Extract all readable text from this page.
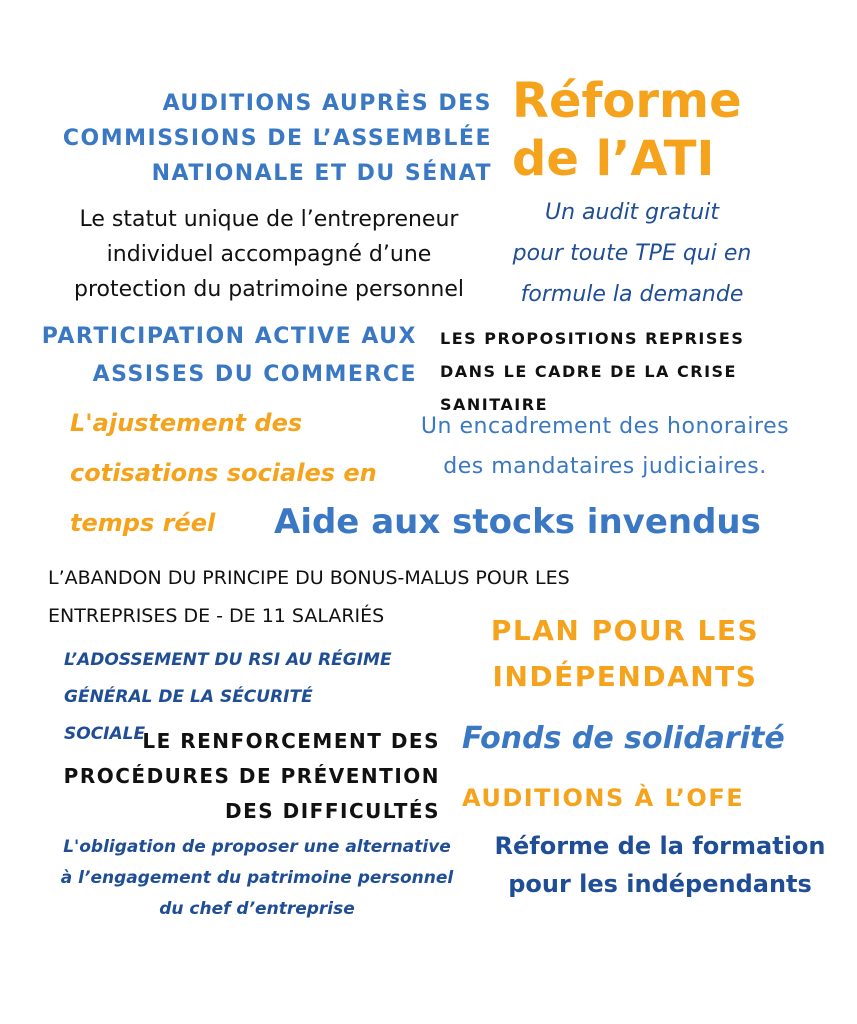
AUDITIONS AUPRÈS DES
COMMISSIONS DE L’ASSEMBLÉE
NATIONALE ET DU SÉNAT
Réforme
de l’ATI
Le statut unique de l’entrepreneur
individuel accompagné d’une
protection du patrimoine personnel
Un audit gratuit
pour toute TPE qui en
formule la demande
PARTICIPATION ACTIVE AUX
ASSISES DU COMMERCE
LES PROPOSITIONS REPRISES
DANS LE CADRE DE LA CRISE
SANITAIRE
L'ajustement des
cotisations sociales en
temps réel
Un encadrement des honoraires
des mandataires judiciaires.
Aide aux stocks invendus
L’ABANDON DU PRINCIPE DU BONUS-MALUS POUR LES
ENTREPRISES DE - DE 11 SALARIÉS	PLAN POUR LES
INDÉPENDANTS
L’ADOSSEMENT DU RSI AU RÉGIME
GÉNÉRAL DE LA SÉCURITÉ
SOCIALE
LE RENFORCEMENT DES
PROCÉDURES DE PRÉVENTION
DES DIFFICULTÉS
Fonds de solidarité
AUDITIONS À L’OFE
L'obligation de proposer une alternative
à l’engagement du patrimoine personnel
du chef d’entreprise
Réforme de la formation
pour les indépendants
